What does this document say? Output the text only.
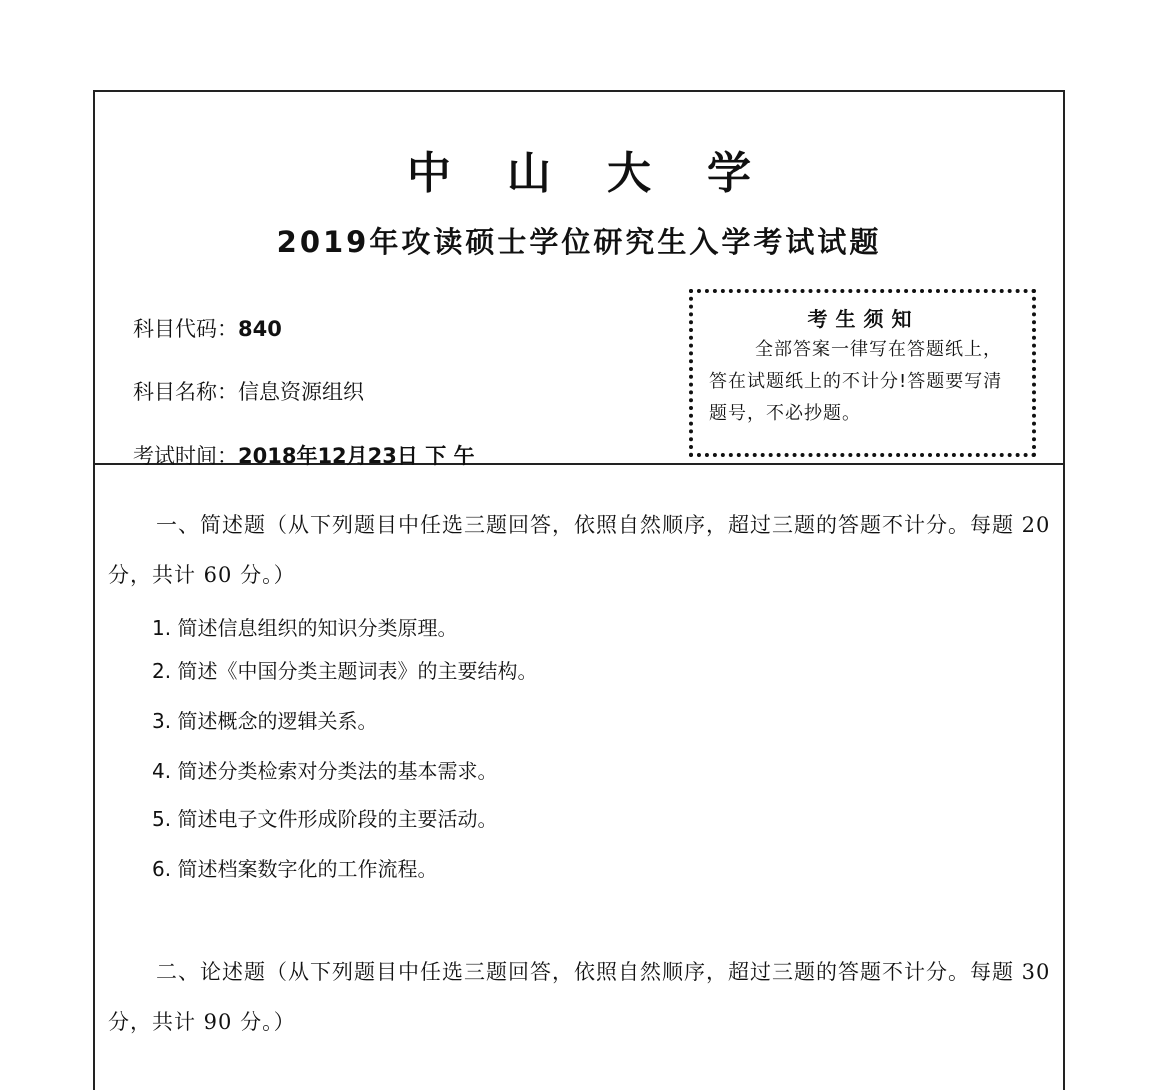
中山大学
2019年攻读硕士学位研究生入学考试试题
科目代码：840
科目名称：信息资源组织
考试时间：2018年12月23日 下 午
考生须知
全部答案一律写在答题纸上，答在试题纸上的不计分!答题要写清题号，不必抄题。
一、简述题（从下列题目中任选三题回答，依照自然顺序，超过三题的答题不计分。每题 20 分，共计 60 分。）
1. 简述信息组织的知识分类原理。
2. 简述《中国分类主题词表》的主要结构。
3. 简述概念的逻辑关系。
4. 简述分类检索对分类法的基本需求。
5. 简述电子文件形成阶段的主要活动。
6. 简述档案数字化的工作流程。
二、论述题（从下列题目中任选三题回答，依照自然顺序，超过三题的答题不计分。每题 30 分，共计 90 分。）
